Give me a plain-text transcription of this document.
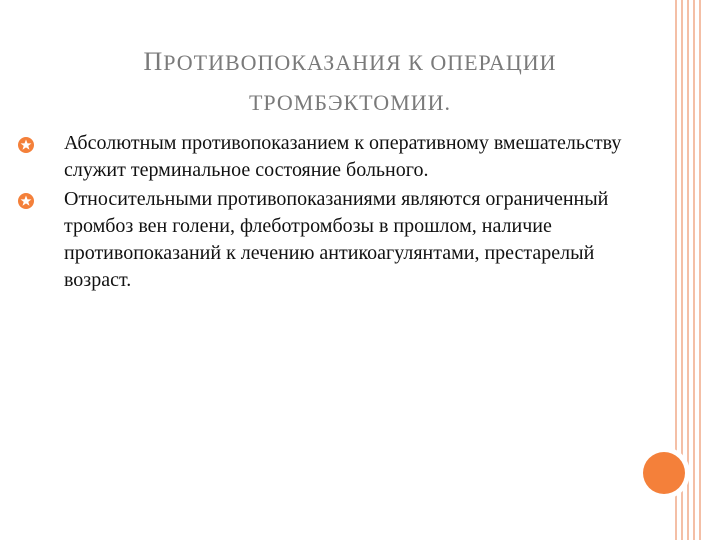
ПРОТИВОПОКАЗАНИЯ К ОПЕРАЦИИ
ТРОМБЭКТОМИИ.
Абсолютным противопоказанием к оперативному вмешательству служит терминальное состояние больного.
Относительными противопоказаниями являются ограниченный тромбоз вен голени, флеботромбозы в прошлом, наличие противопоказаний к лечению антикоагулянтами, престарелый возраст.
